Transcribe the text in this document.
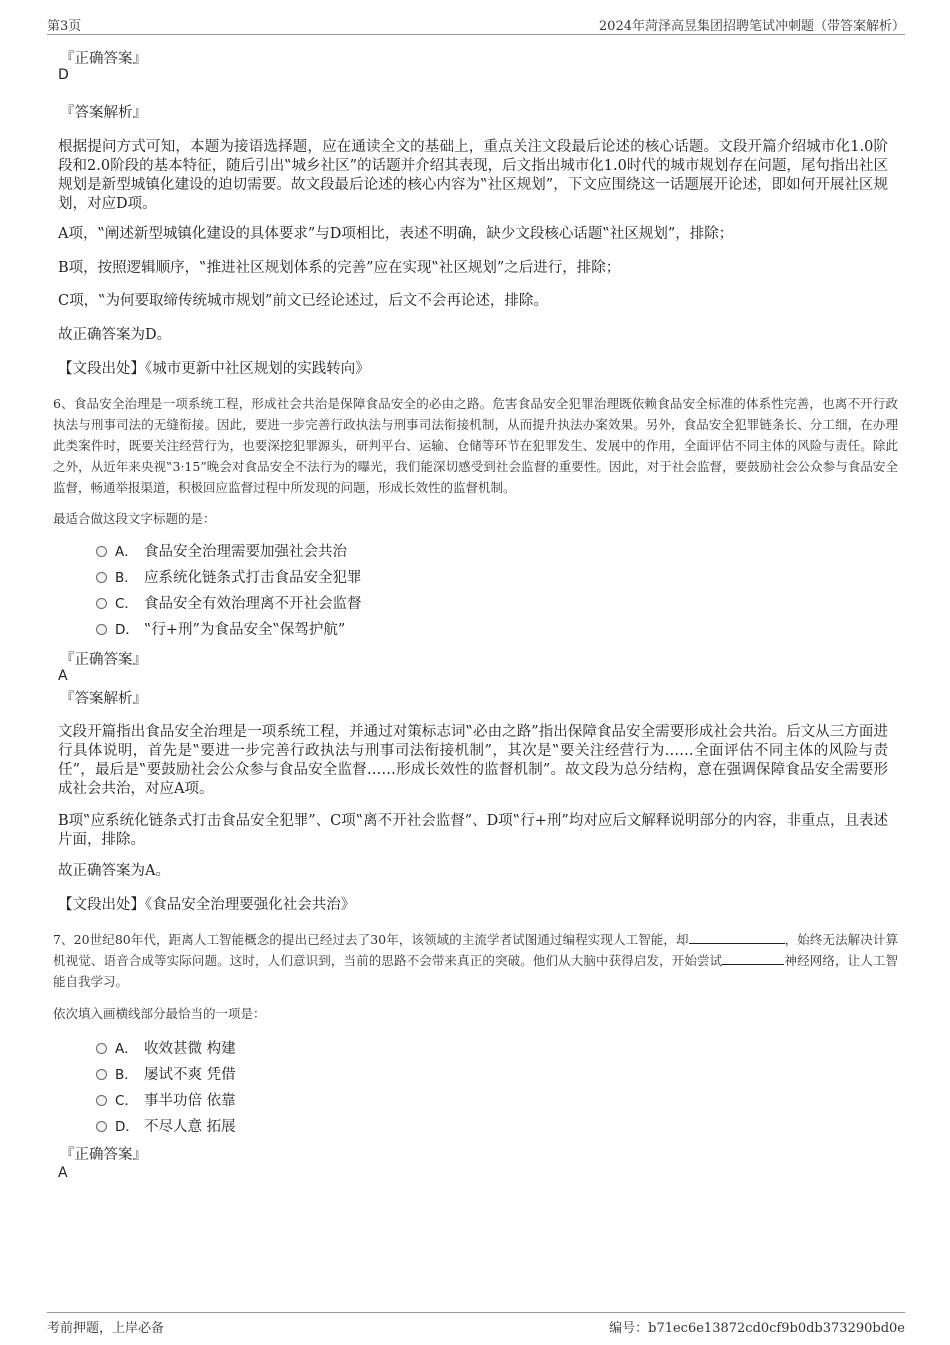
第3页	2024年菏泽高昱集团招聘笔试冲刺题（带答案解析）
『正确答案』
D
『答案解析』
根据提问方式可知，本题为接语选择题，应在通读全文的基础上，重点关注文段最后论述的核心话题。文段开篇介绍城市化1.0阶段和2.0阶段的基本特征，随后引出‟城乡社区”的话题并介绍其表现，后文指出城市化1.0时代的城市规划存在问题，尾句指出社区规划是新型城镇化建设的迫切需要。故文段最后论述的核心内容为‟社区规划”，下文应围绕这一话题展开论述，即如何开展社区规划，对应D项。
A项，‟阐述新型城镇化建设的具体要求”与D项相比，表述不明确，缺少文段核心话题‟社区规划”，排除；
B项，按照逻辑顺序，‟推进社区规划体系的完善”应在实现‟社区规划”之后进行，排除；
C项，‟为何要取缔传统城市规划”前文已经论述过，后文不会再论述，排除。
故正确答案为D。
【文段出处】《城市更新中社区规划的实践转向》
6、食品安全治理是一项系统工程，形成社会共治是保障食品安全的必由之路。危害食品安全犯罪治理既依赖食品安全标准的体系性完善，也离不开行政执法与刑事司法的无缝衔接。因此，要进一步完善行政执法与刑事司法衔接机制，从而提升执法办案效果。另外，食品安全犯罪链条长、分工细，在办理此类案件时，既要关注经营行为，也要深挖犯罪源头，研判平台、运输、仓储等环节在犯罪发生、发展中的作用，全面评估不同主体的风险与责任。除此之外，从近年来央视‟3·15”晚会对食品安全不法行为的曝光，我们能深切感受到社会监督的重要性。因此，对于社会监督，要鼓励社会公众参与食品安全监督，畅通举报渠道，积极回应监督过程中所发现的问题，形成长效性的监督机制。
最适合做这段文字标题的是：
A． 食品安全治理需要加强社会共治
B． 应系统化链条式打击食品安全犯罪
C． 食品安全有效治理离不开社会监督
D． ‟行+刑”为食品安全‟保驾护航”
『正确答案』
A
『答案解析』
文段开篇指出食品安全治理是一项系统工程，并通过对策标志词‟必由之路”指出保障食品安全需要形成社会共治。后文从三方面进行具体说明，首先是‟要进一步完善行政执法与刑事司法衔接机制”，其次是‟要关注经营行为……全面评估不同主体的风险与责任”，最后是‟要鼓励社会公众参与食品安全监督……形成长效性的监督机制”。故文段为总分结构，意在强调保障食品安全需要形成社会共治，对应A项。
B项‟应系统化链条式打击食品安全犯罪”、C项‟离不开社会监督”、D项‟行+刑”均对应后文解释说明部分的内容，非重点，且表述片面，排除。
故正确答案为A。
【文段出处】《食品安全治理要强化社会共治》
7、20世纪80年代，距离人工智能概念的提出已经过去了30年，该领域的主流学者试图通过编程实现人工智能，却	，始终无法解决计算机视觉、语音合成等实际问题。这时，人们意识到，当前的思路不会带来真正的突破。他们从大脑中获得启发，开始尝试	神经网络，让人工智能自我学习。
依次填入画横线部分最恰当的一项是：
A． 收效甚微 构建
B． 屡试不爽 凭借
C． 事半功倍 依靠
D． 不尽人意 拓展
『正确答案』
A
考前押题，上岸必备	编号：b71ec6e13872cd0cf9b0db373290bd0e
